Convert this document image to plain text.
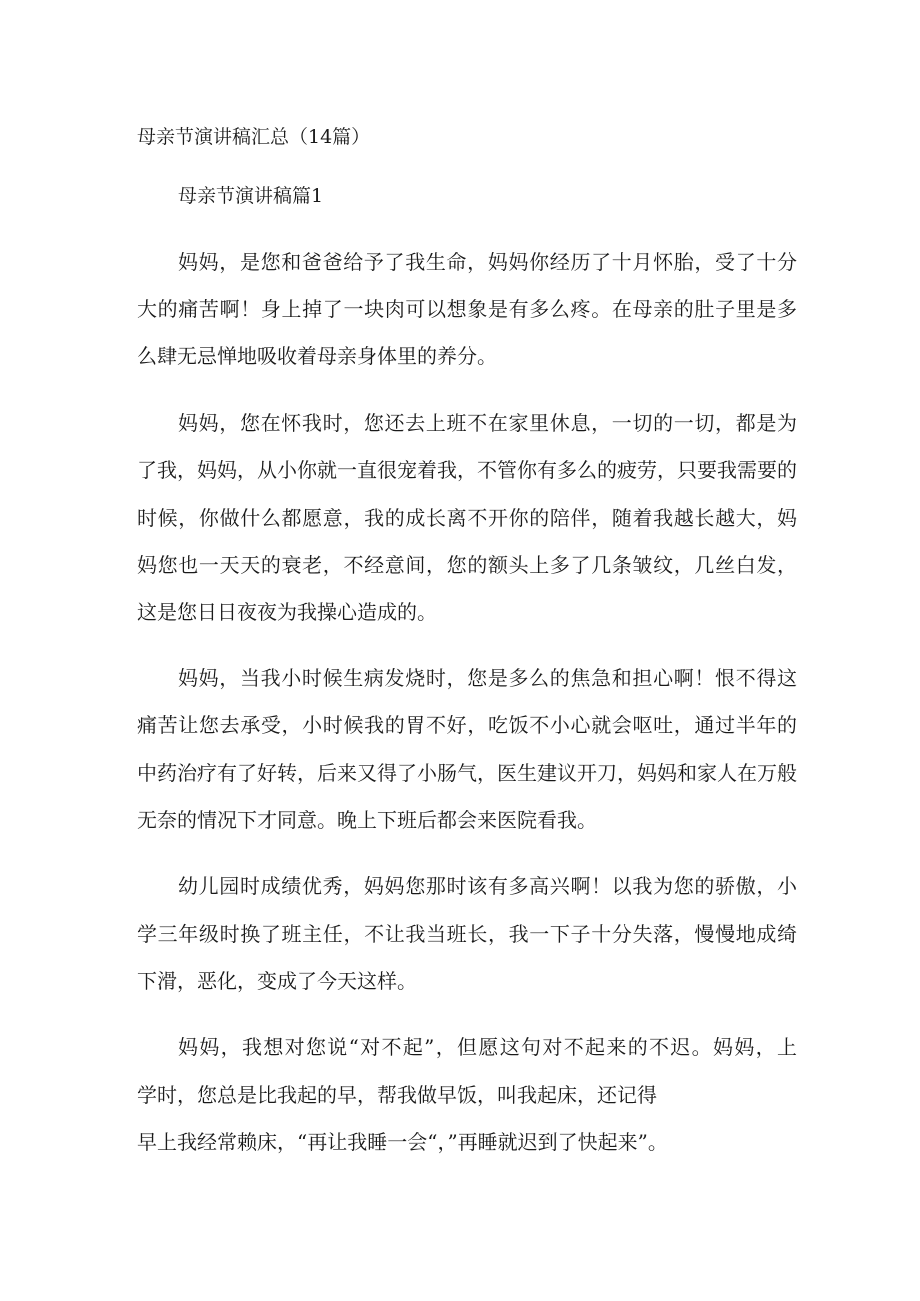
母亲节演讲稿汇总（14篇）
母亲节演讲稿篇1
妈妈，是您和爸爸给予了我生命，妈妈你经历了十月怀胎，受了十分
大的痛苦啊！身上掉了一块肉可以想象是有多么疼。在母亲的肚子里是多
么肆无忌惮地吸收着母亲身体里的养分。
妈妈，您在怀我时，您还去上班不在家里休息，一切的一切，都是为
了我，妈妈，从小你就一直很宠着我，不管你有多么的疲劳，只要我需要的
时候，你做什么都愿意，我的成长离不开你的陪伴，随着我越长越大，妈
妈您也一天天的衰老，不经意间，您的额头上多了几条皱纹，几丝白发，
这是您日日夜夜为我操心造成的。
妈妈，当我小时候生病发烧时，您是多么的焦急和担心啊！恨不得这
痛苦让您去承受，小时候我的胃不好，吃饭不小心就会呕吐，通过半年的
中药治疗有了好转，后来又得了小肠气，医生建议开刀，妈妈和家人在万般
无奈的情况下才同意。晚上下班后都会来医院看我。
幼儿园时成绩优秀，妈妈您那时该有多高兴啊！以我为您的骄傲，小
学三年级时换了班主任，不让我当班长，我一下子十分失落，慢慢地成绮
下滑，恶化，变成了今天这样。
妈妈，我想对您说“对不起”，但愿这句对不起来的不迟。妈妈，上
学时，您总是比我起的早，帮我做早饭，叫我起床，还记得
早上我经常赖床，“再让我睡一会“，”再睡就迟到了快起来”。
